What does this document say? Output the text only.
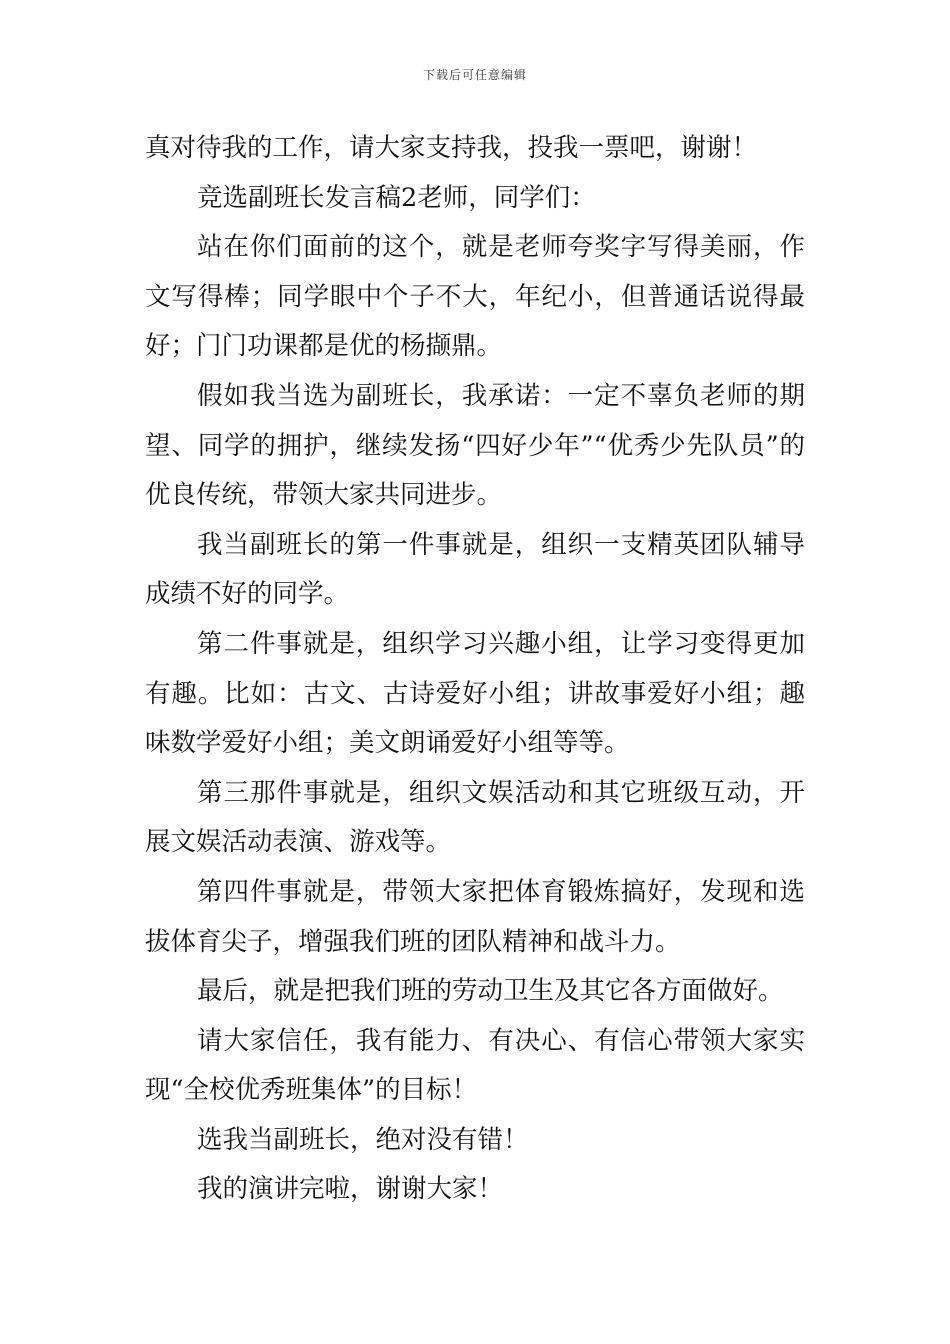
下载后可任意编辑

真对待我的工作，请大家支持我，投我一票吧，谢谢！

竞选副班长发言稿2老师，同学们：

站在你们面前的这个，就是老师夸奖字写得美丽，作文写得棒；同学眼中个子不大，年纪小，但普通话说得最好；门门功课都是优的杨撷鼎。

假如我当选为副班长，我承诺：一定不辜负老师的期望、同学的拥护，继续发扬“四好少年”“优秀少先队员”的优良传统，带领大家共同进步。

我当副班长的第一件事就是，组织一支精英团队辅导成绩不好的同学。

第二件事就是，组织学习兴趣小组，让学习变得更加有趣。比如：古文、古诗爱好小组；讲故事爱好小组；趣味数学爱好小组；美文朗诵爱好小组等等。

第三那件事就是，组织文娱活动和其它班级互动，开展文娱活动表演、游戏等。

第四件事就是，带领大家把体育锻炼搞好，发现和选拔体育尖子，增强我们班的团队精神和战斗力。

最后，就是把我们班的劳动卫生及其它各方面做好。

请大家信任，我有能力、有决心、有信心带领大家实现“全校优秀班集体”的目标！

选我当副班长，绝对没有错！

我的演讲完啦，谢谢大家！
